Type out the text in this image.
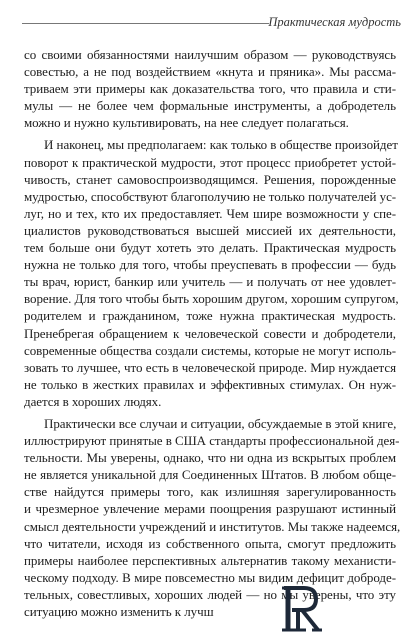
Практическая мудрость

со своими обязанностями наилучшим образом — руководствуясь
совестью, а не под воздействием «кнута и пряника». Мы рассма-
триваем эти примеры как доказательства того, что правила и сти-
мулы — не более чем формальные инструменты, а добродетель
можно и нужно культивировать, на нее следует полагаться.

И наконец, мы предполагаем: как только в обществе произойдет
поворот к практической мудрости, этот процесс приобретет устой-
чивость, станет самовоспроизводящимся. Решения, порожденные
мудростью, способствуют благополучию не только получателей ус-
луг, но и тех, кто их предоставляет. Чем шире возможности у спе-
циалистов руководствоваться высшей миссией их деятельности,
тем больше они будут хотеть это делать. Практическая мудрость
нужна не только для того, чтобы преуспевать в профессии — будь
ты врач, юрист, банкир или учитель — и получать от нее удовлет-
ворение. Для того чтобы быть хорошим другом, хорошим супругом,
родителем и гражданином, тоже нужна практическая мудрость.
Пренебрегая обращением к человеческой совести и добродетели,
современные общества создали системы, которые не могут исполь-
зовать то лучшее, что есть в человеческой природе. Мир нуждается
не только в жестких правилах и эффективных стимулах. Он нуж-
дается в хороших людях.

Практически все случаи и ситуации, обсуждаемые в этой книге,
иллюстрируют принятые в США стандарты профессиональной дея-
тельности. Мы уверены, однако, что ни одна из вскрытых проблем
не является уникальной для Соединенных Штатов. В любом обще-
стве найдутся примеры того, как излишняя зарегулированность
и чрезмерное увлечение мерами поощрения разрушают истинный
смысл деятельности учреждений и институтов. Мы также надеемся,
что читатели, исходя из собственного опыта, смогут предложить
примеры наиболее перспективных альтернатив такому механисти-
ческому подходу. В мире повсеместно мы видим дефицит доброде-
тельных, совестливых, хороших людей — но мы уверены, что эту
ситуацию можно изменить к лучш
